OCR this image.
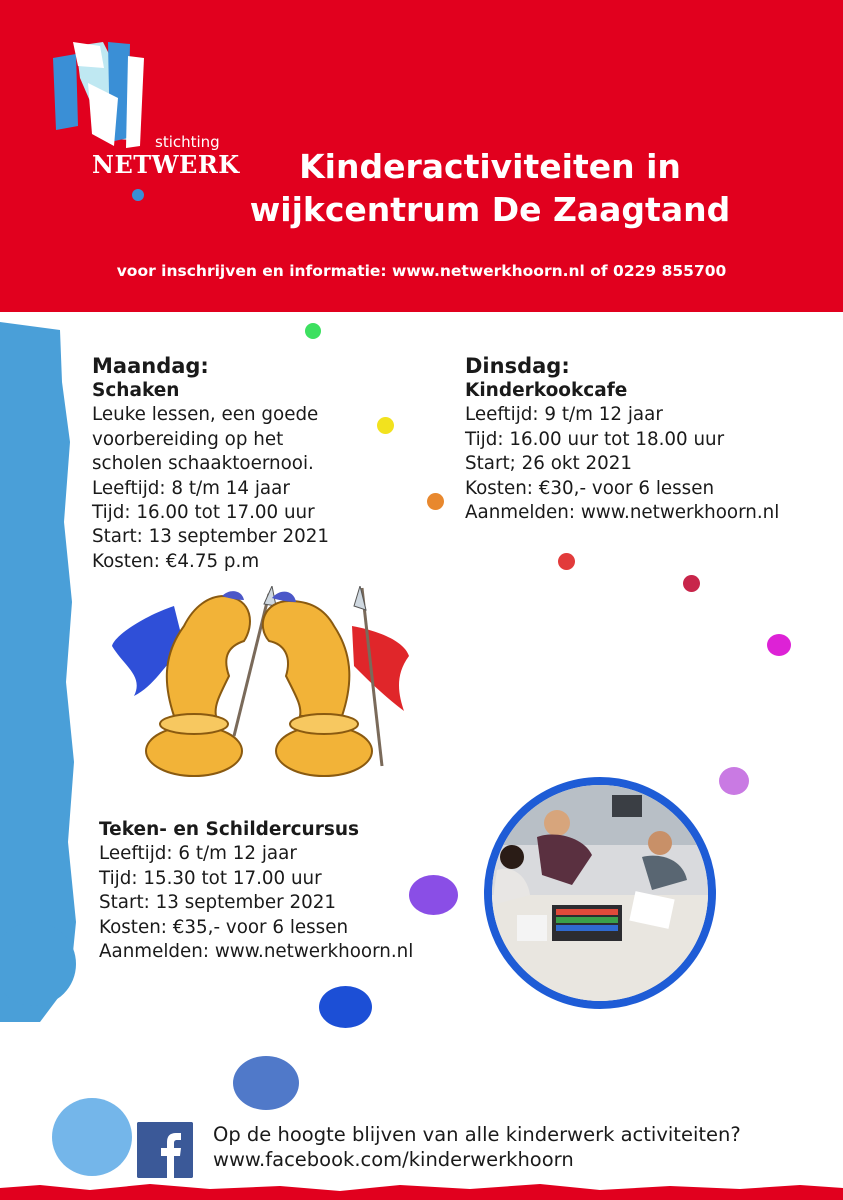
stichting
NETWERK	Kinderactiviteiten in
wijkcentrum De Zaagtand
voor inschrijven en informatie: www.netwerkhoorn.nl of 0229 855700
Maandag:
Schaken
Leuke lessen, een goede
voorbereiding op het
scholen schaaktoernooi.
Leeftijd: 8 t/m 14 jaar
Tijd: 16.00 tot 17.00 uur
Start: 13 september 2021
Kosten: €4.75 p.m
Dinsdag:
Kinderkookcafe
Leeftijd: 9 t/m 12 jaar
Tijd: 16.00 uur tot 18.00 uur
Start; 26 okt 2021
Kosten: €30,- voor 6 lessen
Aanmelden: www.netwerkhoorn.nl
Teken- en Schildercursus
Leeftijd: 6 t/m 12 jaar
Tijd: 15.30 tot 17.00 uur
Start: 13 september 2021
Kosten: €35,- voor 6 lessen
Aanmelden: www.netwerkhoorn.nl
Op de hoogte blijven van alle kinderwerk activiteiten?
www.facebook.com/kinderwerkhoorn
